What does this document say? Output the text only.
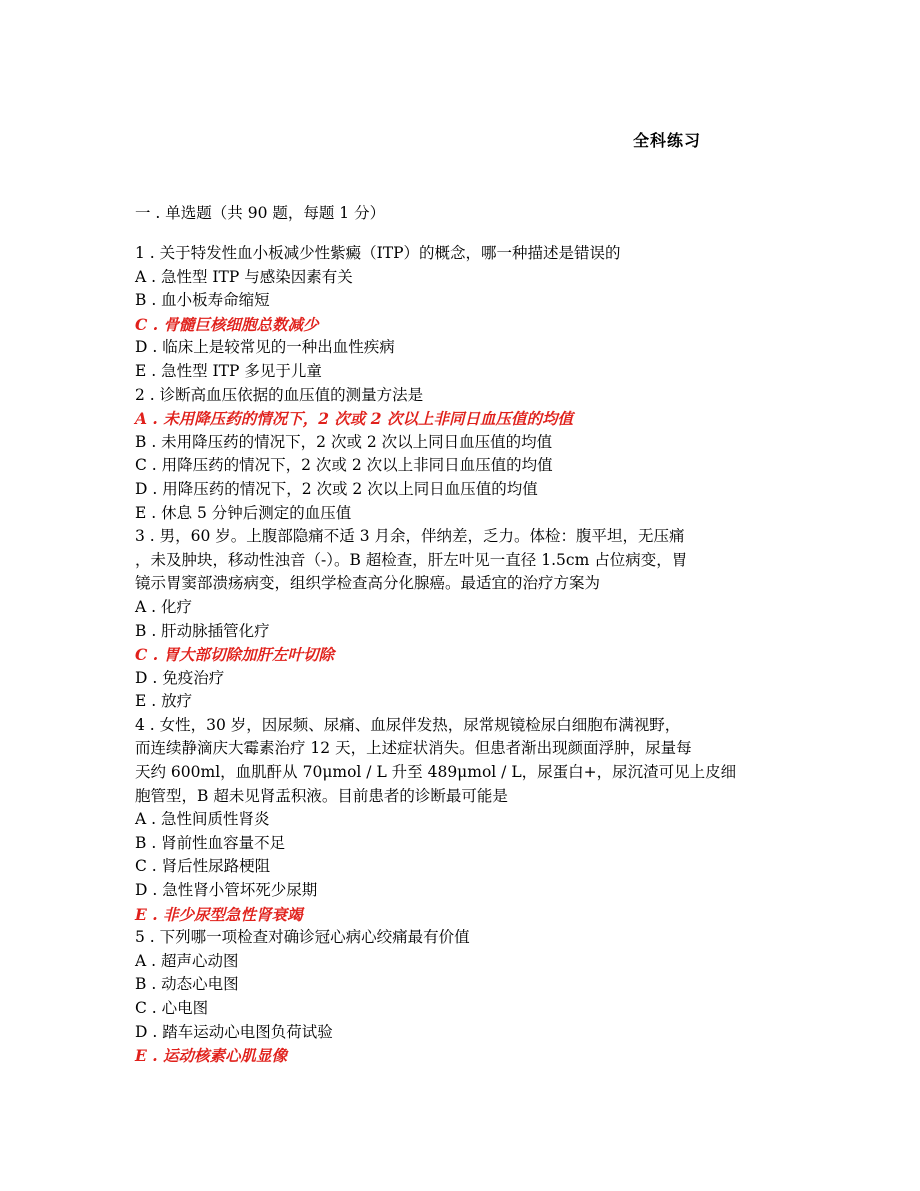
全科练习
一 . 单选题（共 90 题，每题 1 分）
1 . 关于特发性血小板减少性紫癜（ITP）的概念，哪一种描述是错误的
A . 急性型 ITP 与感染因素有关
B . 血小板寿命缩短
C . 骨髓巨核细胞总数减少
D . 临床上是较常见的一种出血性疾病
E . 急性型 ITP 多见于儿童
2 . 诊断高血压依据的血压值的测量方法是
A . 未用降压药的情况下，2 次或 2 次以上非同日血压值的均值
B . 未用降压药的情况下，2 次或 2 次以上同日血压值的均值
C . 用降压药的情况下，2 次或 2 次以上非同日血压值的均值
D . 用降压药的情况下，2 次或 2 次以上同日血压值的均值
E . 休息 5 分钟后测定的血压值
3 . 男，60 岁。上腹部隐痛不适 3 月余，伴纳差，乏力。体检：腹平坦，无压痛
，未及肿块，移动性浊音（-）。B 超检查，肝左叶见一直径 1.5cm 占位病变，胃
镜示胃窦部溃疡病变，组织学检查高分化腺癌。最适宜的治疗方案为
A . 化疗
B . 肝动脉插管化疗
C . 胃大部切除加肝左叶切除
D . 免疫治疗
E . 放疗
4 . 女性，30 岁，因尿频、尿痛、血尿伴发热，尿常规镜检尿白细胞布满视野，
而连续静滴庆大霉素治疗 12 天，上述症状消失。但患者渐出现颜面浮肿，尿量每
天约 600ml，血肌酐从 70μmol / L 升至 489μmol / L，尿蛋白+，尿沉渣可见上皮细
胞管型，B 超未见肾盂积液。目前患者的诊断最可能是
A . 急性间质性肾炎
B . 肾前性血容量不足
C . 肾后性尿路梗阻
D . 急性肾小管坏死少尿期
E . 非少尿型急性肾衰竭
5 . 下列哪一项检查对确诊冠心病心绞痛最有价值
A . 超声心动图
B . 动态心电图
C . 心电图
D . 踏车运动心电图负荷试验
E . 运动核素心肌显像
